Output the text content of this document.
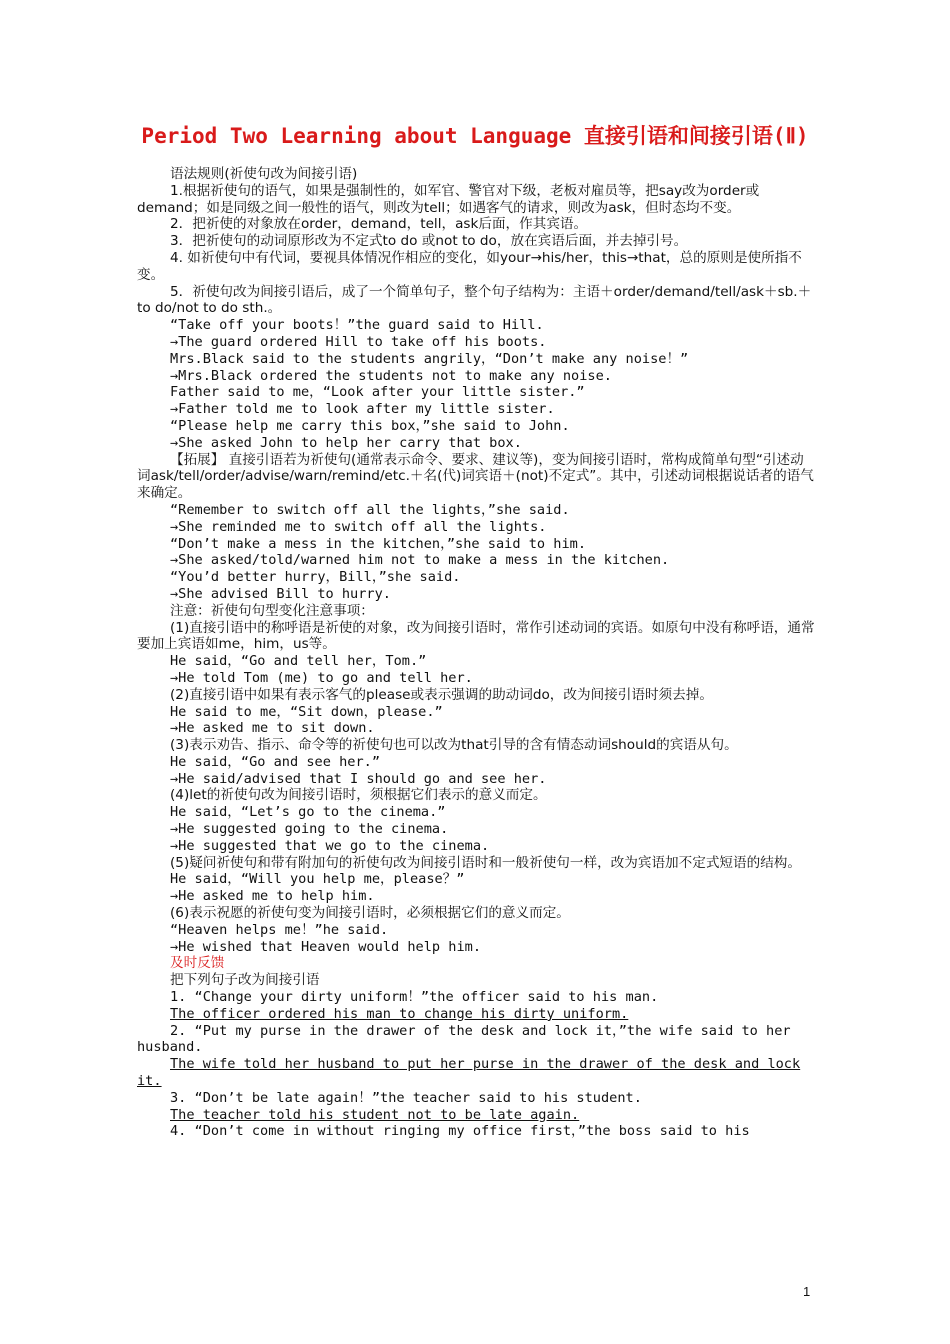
Period Two Learning about Language 直接引语和间接引语(Ⅱ)

语法规则(祈使句改为间接引语)

1.根据祈使句的语气，如果是强制性的，如军官、警官对下级，老板对雇员等，把say改为order或demand；如是同级之间一般性的语气，则改为tell；如遇客气的请求，则改为ask，但时态均不变。

2．把祈使的对象放在order，demand，tell，ask后面，作其宾语。

3．把祈使句的动词原形改为不定式to do 或not to do，放在宾语后面，并去掉引号。

4. 如祈使句中有代词，要视具体情况作相应的变化，如your→his/her，this→that，总的原则是使所指不变。

5．祈使句改为间接引语后，成了一个简单句子，整个句子结构为：主语＋order/demand/tell/ask＋sb.＋to do/not to do sth.。

“Take off your boots！”the guard said to Hill.

→The guard ordered Hill to take off his boots.

Mrs.Black said to the students angrily，“Don’t make any noise！”

→Mrs.Black ordered the students not to make any noise.

Father said to me，“Look after your little sister.”

→Father told me to look after my little sister.

“Please help me carry this box，”she said to John.

→She asked John to help her carry that box.

【拓展】 直接引语若为祈使句(通常表示命令、要求、建议等)，变为间接引语时，常构成简单句型“引述动词ask/tell/order/advise/warn/remind/etc.＋名(代)词宾语＋(not)不定式”。其中，引述动词根据说话者的语气来确定。

“Remember to switch off all the lights，”she said.

→She reminded me to switch off all the lights.

“Don’t make a mess in the kitchen，”she said to him.

→She asked/told/warned him not to make a mess in the kitchen.

“You’d better hurry，Bill，”she said.

→She advised Bill to hurry.

注意：祈使句句型变化注意事项：

(1)直接引语中的称呼语是祈使的对象，改为间接引语时，常作引述动词的宾语。如原句中没有称呼语，通常要加上宾语如me，him，us等。

He said，“Go and tell her，Tom.”

→He told Tom (me) to go and tell her.

(2)直接引语中如果有表示客气的please或表示强调的助动词do，改为间接引语时须去掉。

He said to me，“Sit down，please.”

→He asked me to sit down.

(3)表示劝告、指示、命令等的祈使句也可以改为that引导的含有情态动词should的宾语从句。

He said，“Go and see her.”

→He said/advised that I should go and see her.

(4)let的祈使句改为间接引语时，须根据它们表示的意义而定。

He said，“Let’s go to the cinema.”

→He suggested going to the cinema.

→He suggested that we go to the cinema.

(5)疑问祈使句和带有附加句的祈使句改为间接引语时和一般祈使句一样，改为宾语加不定式短语的结构。

He said，“Will you help me，please？”

→He asked me to help him.

(6)表示祝愿的祈使句变为间接引语时，必须根据它们的意义而定。

“Heaven helps me！”he said.

→He wished that Heaven would help him.

及时反馈

把下列句子改为间接引语

1. “Change your dirty uniform！”the officer said to his man.

The officer ordered his man to change his dirty uniform.

2. “Put my purse in the drawer of the desk and lock it，”the wife said to her husband.

The wife told her husband to put her purse in the drawer of the desk and lock it.

3. “Don’t be late again！”the teacher said to his student.

The teacher told his student not to be late again.

4. “Don’t come in without ringing my office first，”the boss said to his

1
